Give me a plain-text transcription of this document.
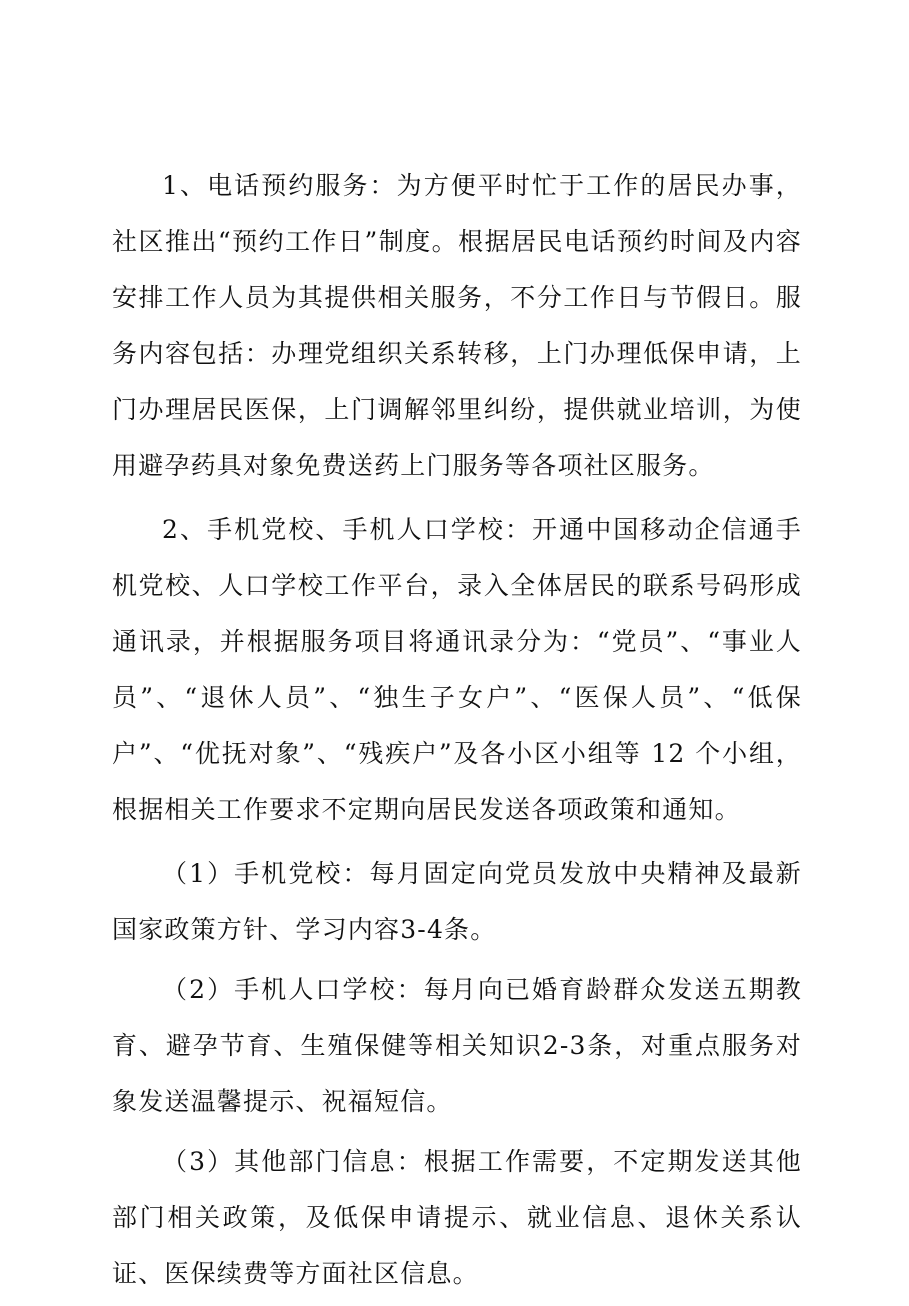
1、电话预约服务：为方便平时忙于工作的居民办事，社区推出“预约工作日”制度。根据居民电话预约时间及内容安排工作人员为其提供相关服务，不分工作日与节假日。服务内容包括：办理党组织关系转移，上门办理低保申请，上门办理居民医保，上门调解邻里纠纷，提供就业培训，为使用避孕药具对象免费送药上门服务等各项社区服务。

2、手机党校、手机人口学校：开通中国移动企信通手机党校、人口学校工作平台，录入全体居民的联系号码形成通讯录，并根据服务项目将通讯录分为：“党员”、“事业人员”、“退休人员”、“独生子女户”、“医保人员”、“低保户”、“优抚对象”、“残疾户”及各小区小组等 12 个小组，根据相关工作要求不定期向居民发送各项政策和通知。

（1）手机党校：每月固定向党员发放中央精神及最新国家政策方针、学习内容3-4条。

（2）手机人口学校：每月向已婚育龄群众发送五期教育、避孕节育、生殖保健等相关知识2-3条，对重点服务对象发送温馨提示、祝福短信。

（3）其他部门信息：根据工作需要，不定期发送其他部门相关政策，及低保申请提示、就业信息、退休关系认证、医保续费等方面社区信息。
